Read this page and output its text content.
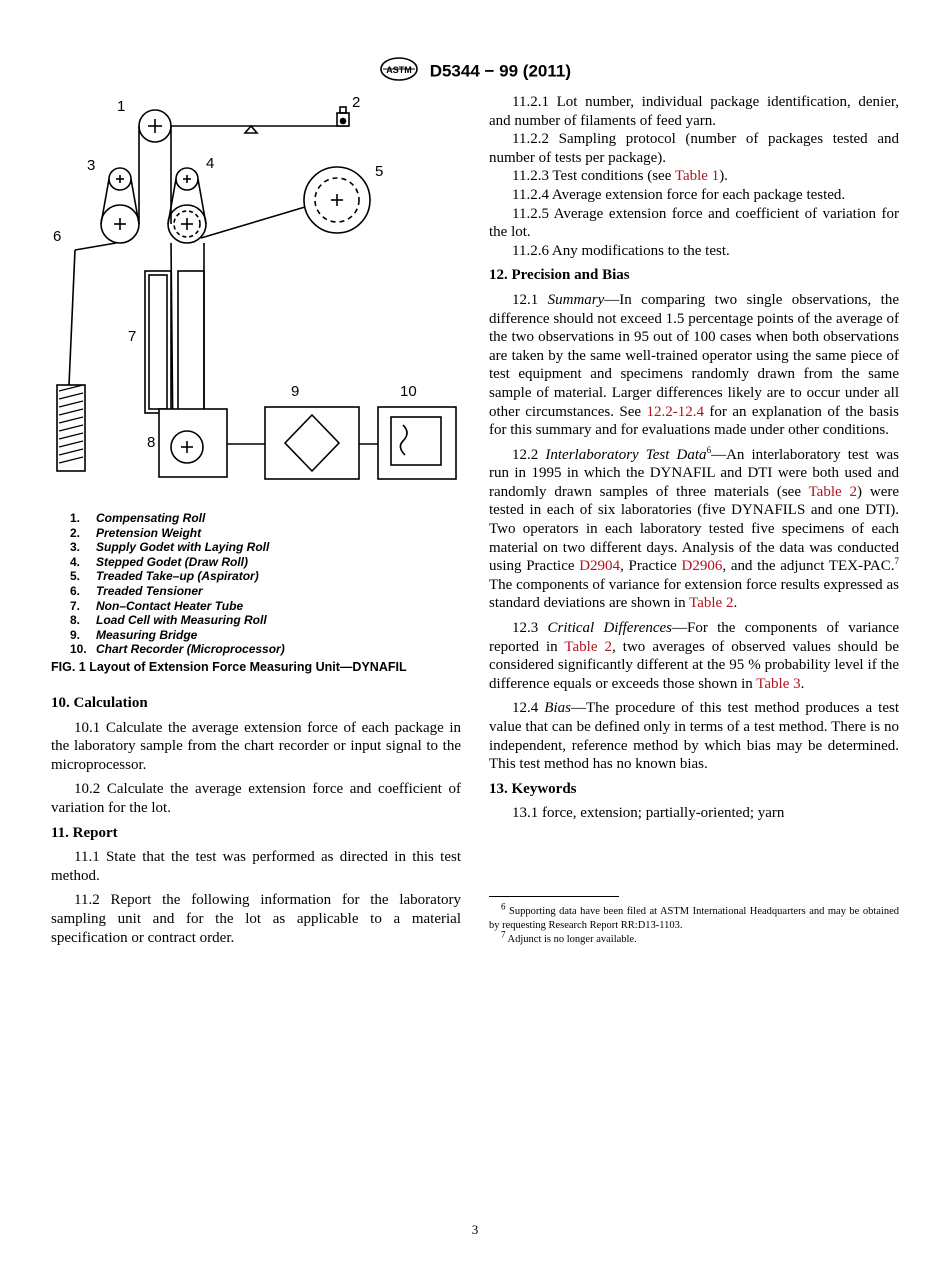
ASTM D5344 − 99 (2011)
1	2
3	4	5
6
7
8
9	10
1. Compensating Roll
2. Pretension Weight
3. Supply Godet with Laying Roll
4. Stepped Godet (Draw Roll)
5. Treaded Take–up (Aspirator)
6. Treaded Tensioner
7. Non–Contact Heater Tube
8. Load Cell with Measuring Roll
9. Measuring Bridge
10. Chart Recorder (Microprocessor)
FIG. 1 Layout of Extension Force Measuring Unit—DYNAFIL
10. Calculation

10.1 Calculate the average extension force of each package in the laboratory sample from the chart recorder or input signal to the microprocessor.

10.2 Calculate the average extension force and coefficient of variation for the lot.

11. Report

11.1 State that the test was performed as directed in this test method.

11.2 Report the following information for the laboratory sampling unit and for the lot as applicable to a material specification or contract order.

11.2.1 Lot number, individual package identification, denier, and number of filaments of feed yarn.

11.2.2 Sampling protocol (number of packages tested and number of tests per package).

11.2.3 Test conditions (see Table 1).

11.2.4 Average extension force for each package tested.

11.2.5 Average extension force and coefficient of variation for the lot.

11.2.6 Any modifications to the test.

12. Precision and Bias

12.1 Summary—In comparing two single observations, the difference should not exceed 1.5 percentage points of the average of the two observations in 95 out of 100 cases when both observations are taken by the same well-trained operator using the same piece of test equipment and specimens randomly drawn from the same sample of material. Larger differences likely are to occur under all other circumstances. See 12.2-12.4 for an explanation of the basis for this summary and for evaluations made under other conditions.

12.2 Interlaboratory Test Data$^6$—An interlaboratory test was run in 1995 in which the DYNAFIL and DTI were both used and randomly drawn samples of three materials (see Table 2) were tested in each of six laboratories (five DYNAFILS and one DTI). Two operators in each laboratory tested five specimens of each material on two different days. Analysis of the data was conducted using Practice D2904, Practice D2906, and the adjunct TEX-PAC.$^7$ The components of variance for extension force results expressed as standard deviations are shown in Table 2.

12.3 Critical Differences—For the components of variance reported in Table 2, two averages of observed values should be considered significantly different at the 95 % probability level if the difference equals or exceeds those shown in Table 3.

12.4 Bias—The procedure of this test method produces a test value that can be defined only in terms of a test method. There is no independent, reference method by which bias may be determined. This test method has no known bias.

13. Keywords

13.1 force, extension; partially-oriented; yarn

$^6$ Supporting data have been filed at ASTM International Headquarters and may be obtained by requesting Research Report RR:D13-1103.

$^7$ Adjunct is no longer available.

3
